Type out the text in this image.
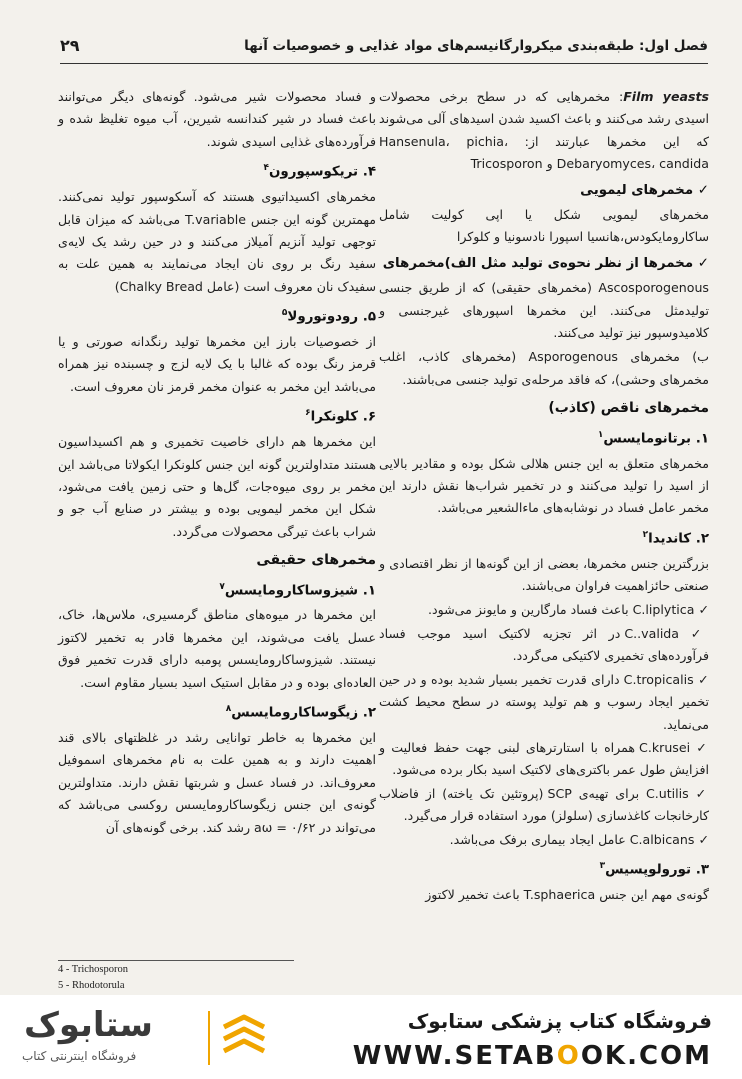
فصل اول: طبقه‌بندی میکروارگانیسم‌های مواد غذایی و خصوصیات آنها
۲۹

Film yeasts: مخمرهایی که در سطح برخی محصولات اسیدی رشد می‌کنند و باعث اکسید شدن اسیدهای آلی می‌شوند که این مخمرها عبارتند از: Hansenula، pichia، Debaryomyces، candida و Tricosporon

✓ مخمرهای لیمویی

مخمرهای لیمویی شکل یا اپی کولیت شامل ساکارومایکودس،هانسیا اسپورا نادسونیا و کلوکرا

✓ مخمرها از نظر نحوه‌ی تولید مثل الف)مخمرهای

Ascosporogenous (مخمرهای حقیقی) که از طریق جنسی تولیدمثل می‌کنند. این مخمرها اسپورهای غیرجنسی و کلامیدوسپور نیز تولید می‌کنند.

ب) مخمرهای Asporogenous (مخمرهای کاذب، اغلب مخمرهای وحشی)، که فاقد مرحله‌ی تولید جنسی می‌باشند.

مخمرهای ناقص (کاذب)
۱. برتانومایسس$^۱$

مخمرهای متعلق به این جنس هلالی شکل بوده و مقادیر بالایی از اسید را تولید می‌کنند و در تخمیر شراب‌ها نقش دارند این مخمر عامل فساد در نوشابه‌های ماءالشعیر می‌باشد.

۲. کاندیدا$^۲$

بزرگترین جنس مخمرها، بعضی از این گونه‌ها از نظر اقتصادی و صنعتی حائزاهمیت فراوان می‌باشند.

✓ C.liplytica باعث فساد مارگارین و مایونز می‌شود.

✓ C..valida در اثر تجزیه لاکتیک اسید موجب فساد فرآورده‌های تخمیری لاکتیکی می‌گردد.

✓ C.tropicalis دارای قدرت تخمیر بسیار شدید بوده و در حین تخمیر ایجاد رسوب و هم تولید پوسته در سطح محیط کشت می‌نماید.

✓ C.krusei همراه با استارترهای لبنی جهت حفظ فعالیت و افزایش طول عمر باکتری‌های لاکتیک اسید بکار برده می‌شود.

✓ C.utilis برای تهیه‌ی SCP (پروتئین تک یاخته) از فاضلاب کارخانجات کاغذسازی (سلولز) مورد استفاده قرار می‌گیرد.

✓ C.albicans عامل ایجاد بیماری برفک می‌باشد.

۳. تورولوپسیس$^۳$

گونه‌ی مهم این جنس T.sphaerica باعث تخمیر لاکتوز

و فساد محصولات شیر می‌شود. گونه‌های دیگر می‌توانند باعث فساد در شیر کندانسه شیرین، آب میوه تغلیظ شده و فرآورده‌های غذایی اسیدی شوند.

۴. تریکوسپورون$^۴$

مخمرهای اکسیداتیوی هستند که آسکوسپور تولید نمی‌کنند. مهمترین گونه این جنس T.variable می‌باشد که میزان قابل توجهی تولید آنزیم آمیلاز می‌کنند و در حین رشد یک لایه‌ی سفید رنگ بر روی نان ایجاد می‌نمایند به همین علت به سفیدک نان معروف است (عامل Chalky Bread)

۵. رودوتورولا$^۵$

از خصوصیات بارز این مخمرها تولید رنگدانه صورتی و یا قرمز رنگ بوده که غالبا با یک لایه لزج و چسبنده نیز همراه می‌باشد این مخمر به عنوان مخمر قرمز نان معروف است.

۶. کلونکرا$^۶$

این مخمرها هم دارای خاصیت تخمیری و هم اکسیداسیون هستند متداولترین گونه این جنس کلونکرا ایکولاتا می‌باشد این مخمر بر روی میوه‌جات، گل‌ها و حتی زمین یافت می‌شود، شکل این مخمر لیمویی بوده و بیشتر در صنایع آب جو و شراب باعث تیرگی محصولات می‌گردد.

مخمرهای حقیقی
۱. شیزوساکارومایسس$^۷$

این مخمرها در میوه‌های مناطق گرمسیری، ملاس‌ها، خاک، عسل یافت می‌شوند، این مخمرها قادر به تخمیر لاکتوز نیستند. شیزوساکارومایسس پومبه دارای قدرت تخمیر فوق العاده‌ای بوده و در مقابل استیک اسید بسیار مقاوم است.

۲. زیگوساکارومایسس$^۸$

این مخمرها به خاطر توانایی رشد در غلظتهای بالای قند اهمیت دارند و به همین علت به نام مخمرهای اسموفیل معروف‌اند. در فساد عسل و شربتها نقش دارند. متداولترین گونه‌ی این جنس زیگوساکارومایسس روکسی می‌باشد که می‌تواند در ۰/۶۲ = aω رشد کند. برخی گونه‌های آن

4 - Trichosporon
5 - Rhodotorula
ستابوک
فروشگاه اینترنتی کتاب
فروشگاه کتاب پزشکی ستابوک
WWW.SETABOOK.COM
